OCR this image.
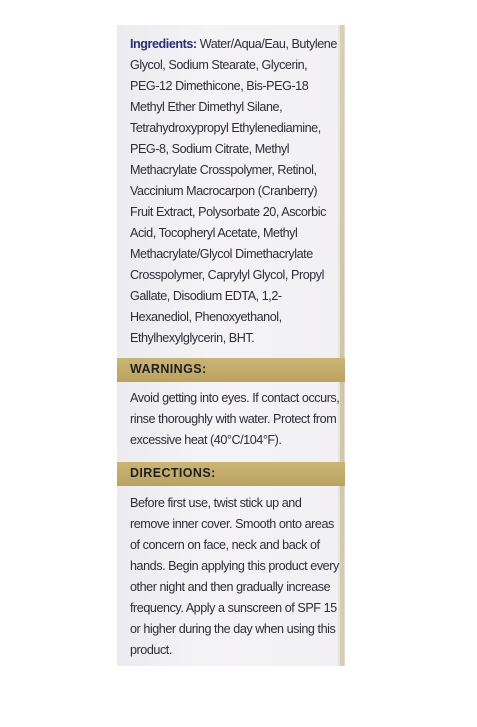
Ingredients: Water/Aqua/Eau, Butylene Glycol, Sodium Stearate, Glycerin, PEG-12 Dimethicone, Bis-PEG-18 Methyl Ether Dimethyl Silane, Tetrahydroxypropyl Ethylenediamine, PEG-8, Sodium Citrate, Methyl Methacrylate Crosspolymer, Retinol, Vaccinium Macrocarpon (Cranberry) Fruit Extract, Polysorbate 20, Ascorbic Acid, Tocopheryl Acetate, Methyl Methacrylate/Glycol Dimethacrylate Crosspolymer, Caprylyl Glycol, Propyl Gallate, Disodium EDTA, 1,2-Hexanediol, Phenoxyethanol, Ethylhexylglycerin, BHT.
WARNINGS:
Avoid getting into eyes. If contact occurs, rinse thoroughly with water. Protect from excessive heat (40°C/104°F).
DIRECTIONS:
Before first use, twist stick up and remove inner cover. Smooth onto areas of concern on face, neck and back of hands. Begin applying this product every other night and then gradually increase frequency. Apply a sunscreen of SPF 15 or higher during the day when using this product.
